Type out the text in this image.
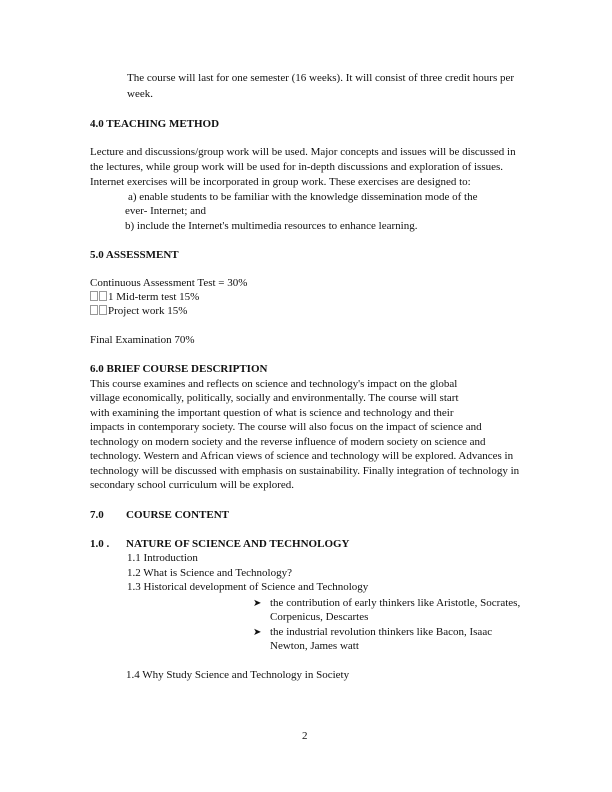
The course will last for one semester (16 weeks). It will consist of three credit hours per
week.
4.0 TEACHING METHOD
Lecture and discussions/group work will be used. Major concepts and issues will be discussed in
the lectures, while group work will be used for in-depth discussions and exploration of issues.
Internet exercises will be incorporated in group work. These exercises are designed to:
a) enable students to be familiar with the knowledge dissemination mode of the
ever- Internet; and
b) include the Internet's multimedia resources to enhance learning.
5.0 ASSESSMENT
Continuous Assessment Test = 30%
1 Mid-term test 15%
Project work 15%
Final Examination 70%
6.0 BRIEF COURSE DESCRIPTION
This course examines and reflects on science and technology's impact on the global
village economically, politically, socially and environmentally. The course will start
with examining the important question of what is science and technology and their
impacts in contemporary society. The course will also focus on the impact of science and
technology on modern society and the reverse influence of modern society on science and
technology. Western and African views of science and technology will be explored. Advances in
technology will be discussed with emphasis on sustainability. Finally integration of technology in
secondary school curriculum will be explored.
7.0 COURSE CONTENT
1.0 . NATURE OF SCIENCE AND TECHNOLOGY
1.1 Introduction
1.2 What is Science and Technology?
1.3 Historical development of Science and Technology
➤ the contribution of early thinkers like Aristotle, Socrates,
Corpenicus, Descartes
➤ the industrial revolution thinkers like Bacon, Isaac
Newton, James watt
1.4 Why Study Science and Technology in Society
2
